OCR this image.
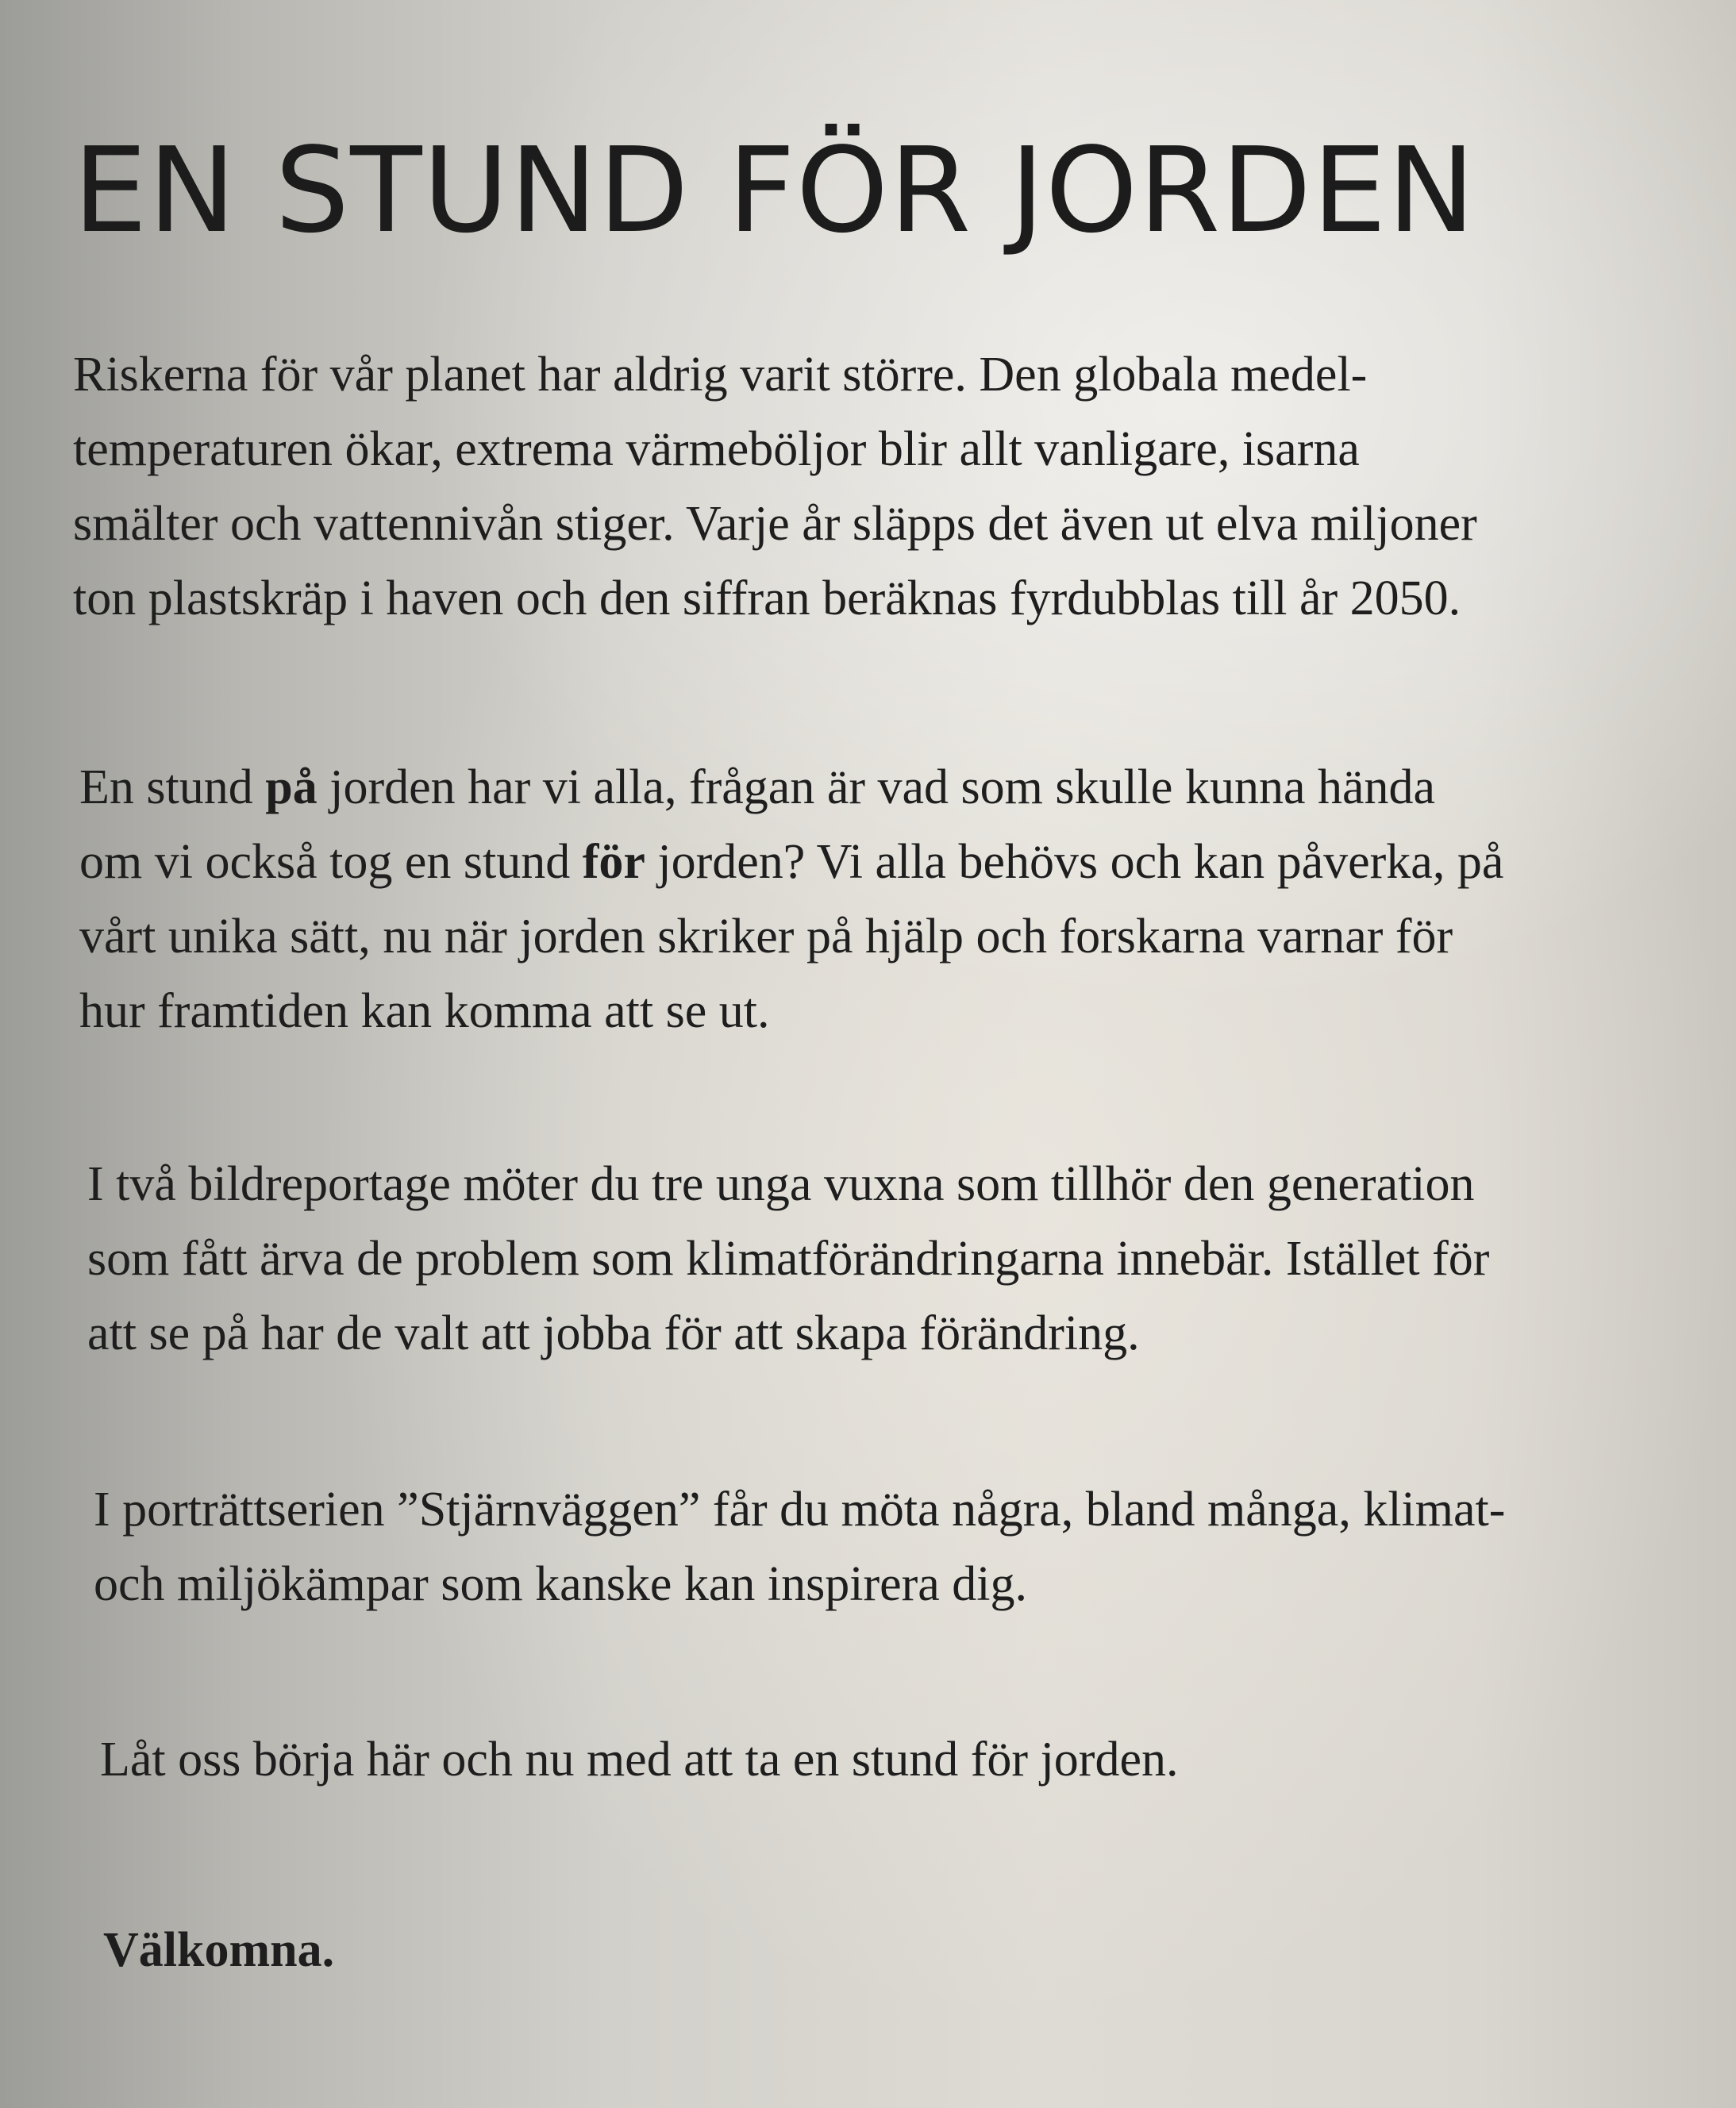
EN STUND FÖR JORDEN

Riskerna för vår planet har aldrig varit större. Den globala medel-
temperaturen ökar, extrema värmeböljor blir allt vanligare, isarna
smälter och vattennivån stiger. Varje år släpps det även ut elva miljoner
ton plastskräp i haven och den siffran beräknas fyrdubblas till år 2050.

En stund på jorden har vi alla, frågan är vad som skulle kunna hända
om vi också tog en stund för jorden? Vi alla behövs och kan påverka, på
vårt unika sätt, nu när jorden skriker på hjälp och forskarna varnar för
hur framtiden kan komma att se ut.

I två bildreportage möter du tre unga vuxna som tillhör den generation
som fått ärva de problem som klimatförändringarna innebär. Istället för
att se på har de valt att jobba för att skapa förändring.

I porträttserien ”Stjärnväggen” får du möta några, bland många, klimat-
och miljökämpar som kanske kan inspirera dig.

Låt oss börja här och nu med att ta en stund för jorden.

Välkomna.
